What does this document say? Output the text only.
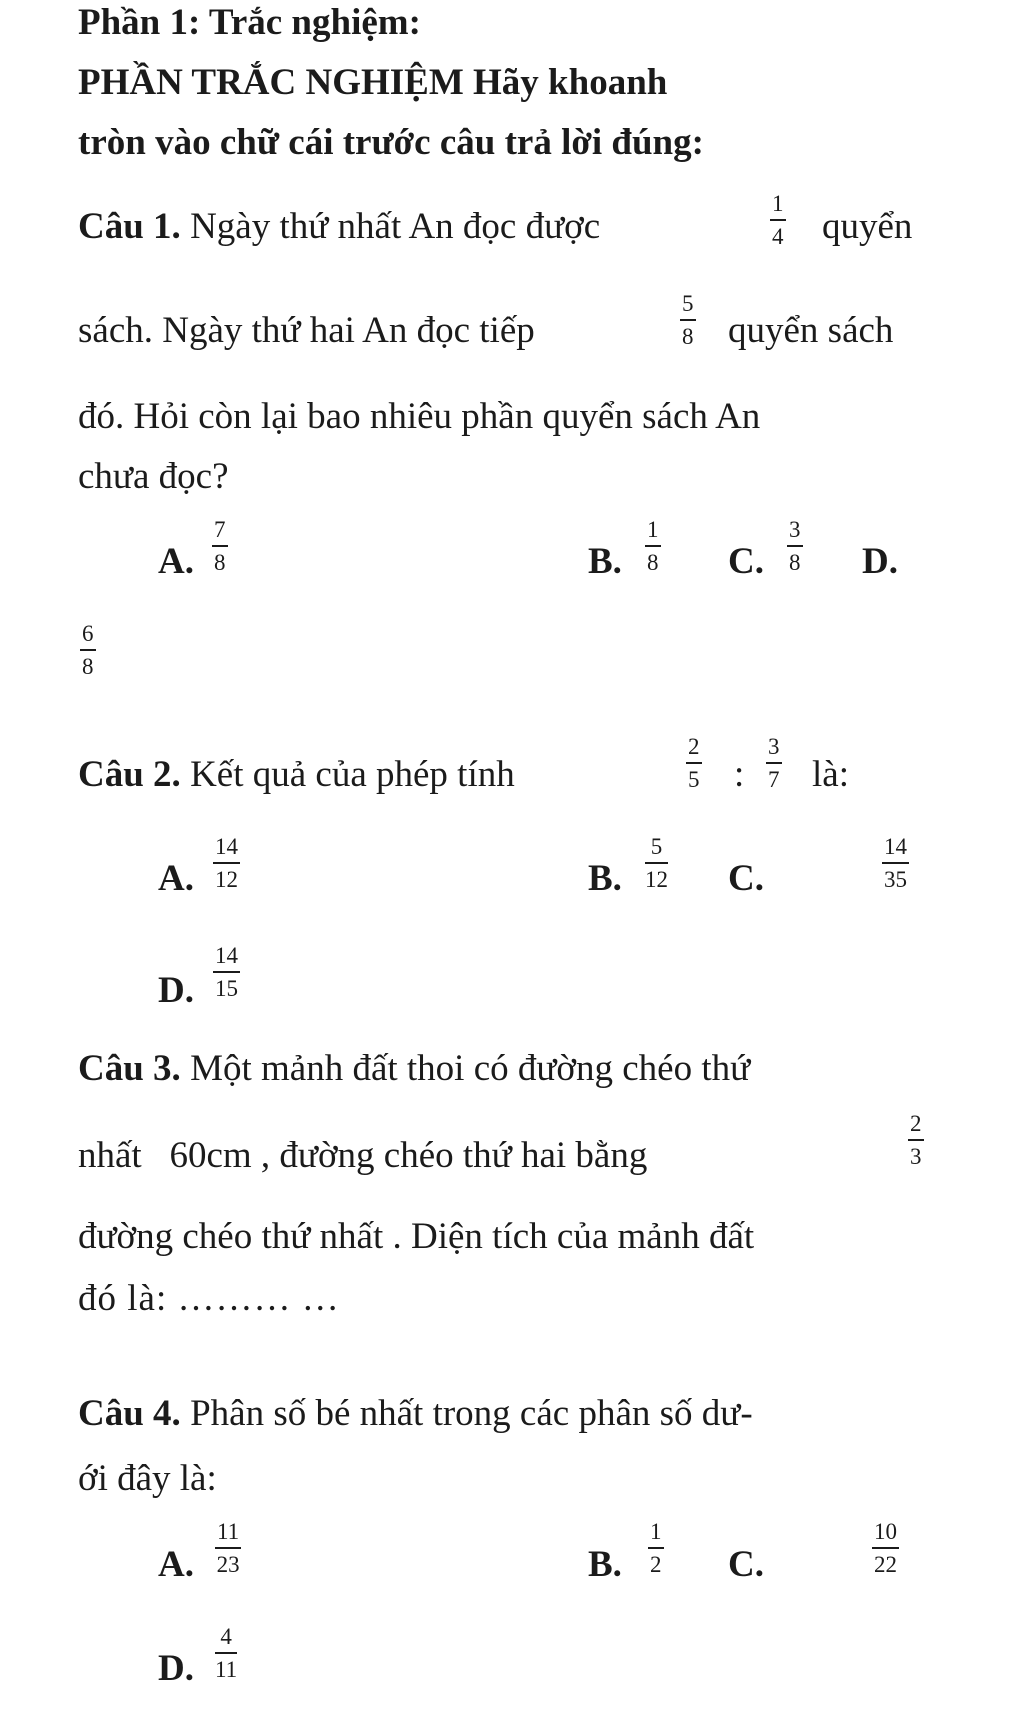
Phần 1: Trắc nghiệm:
PHẦN TRẮC NGHIỆM Hãy khoanh
tròn vào chữ cái trước câu trả lời đúng:
Câu 1. Ngày thứ nhất An đọc được
1
4 quyển
sách. Ngày thứ hai An đọc tiếp
5
8 quyển sách
đó. Hỏi còn lại bao nhiêu phần quyển sách An
chưa đọc?
A.
7
8	B.
1
8 C.
3
8 D.
6
8
Câu 2. Kết quả của phép tính
2
5 :
3
7 là:
A.
14
12	B.
5
12 C.
14
35
D.
14
15
Câu 3. Một mảnh đất thoi có đường chéo thứ
nhất   60cm , đường chéo thứ hai bằng
2
3
đường chéo thứ nhất . Diện tích của mảnh đất
đó là: ……… …
Câu 4. Phân số bé nhất trong các phân số dư-
ới đây là:
A.
11
23	B.
1
2 C.
10
22
D.
4
11
